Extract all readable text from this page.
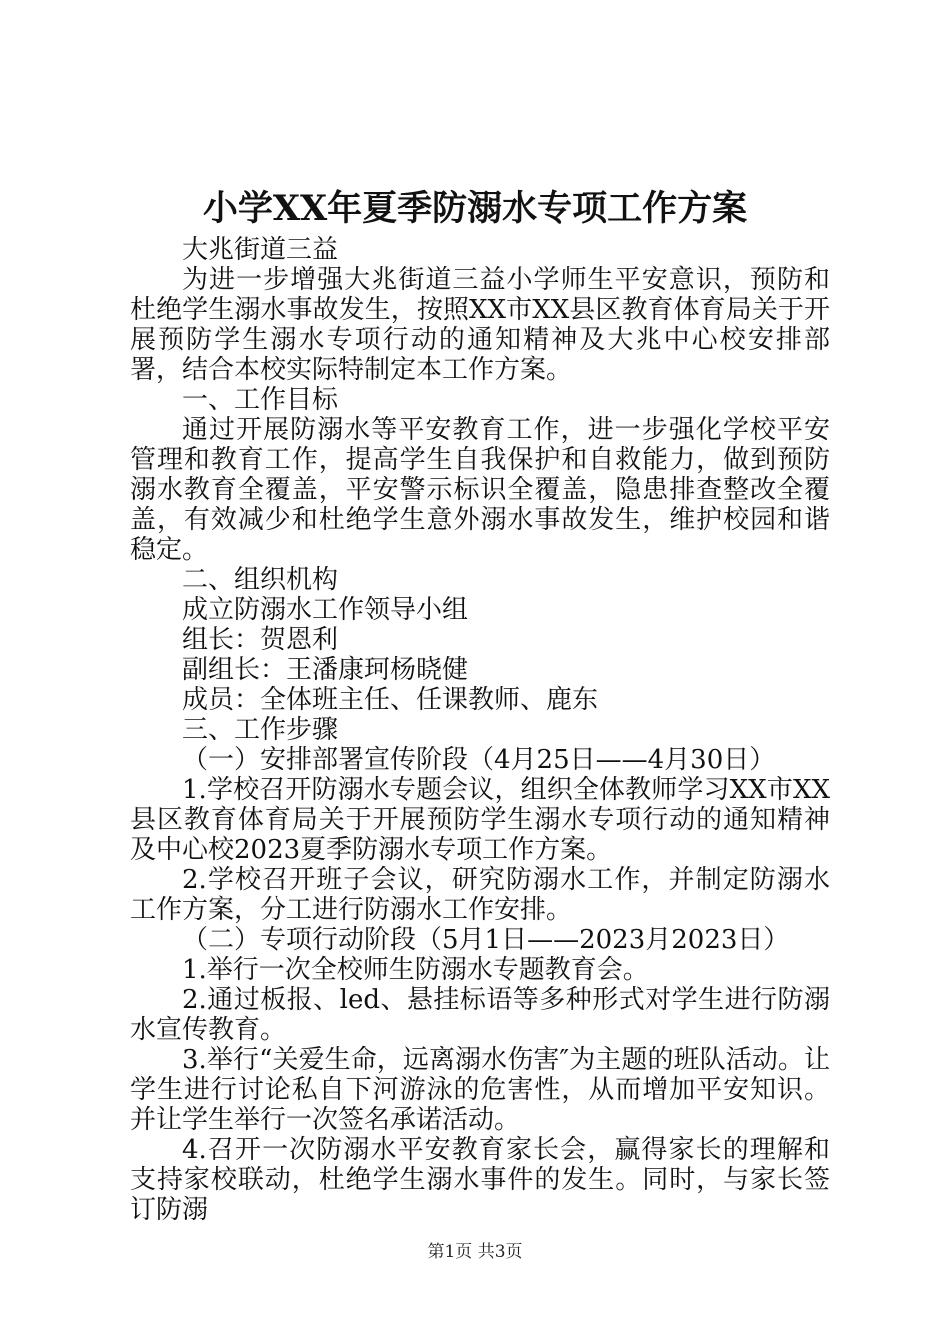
小学XX年夏季防溺水专项工作方案

大兆街道三益

为进一步增强大兆街道三益小学师生平安意识，预防和杜绝学生溺水事故发生，按照XX市XX县区教育体育局关于开展预防学生溺水专项行动的通知精神及大兆中心校安排部署，结合本校实际特制定本工作方案。

一、工作目标

通过开展防溺水等平安教育工作，进一步强化学校平安管理和教育工作，提高学生自我保护和自救能力，做到预防溺水教育全覆盖，平安警示标识全覆盖，隐患排查整改全覆盖，有效减少和杜绝学生意外溺水事故发生，维护校园和谐稳定。

二、组织机构

成立防溺水工作领导小组

组长：贺恩利

副组长：王潘康珂杨晓健

成员：全体班主任、任课教师、鹿东

三、工作步骤

（一）安排部署宣传阶段（4月25日——4月30日）

1.学校召开防溺水专题会议，组织全体教师学习XX市XX县区教育体育局关于开展预防学生溺水专项行动的通知精神及中心校2023夏季防溺水专项工作方案。

2.学校召开班子会议，研究防溺水工作，并制定防溺水工作方案，分工进行防溺水工作安排。

（二）专项行动阶段（5月1日——2023月2023日）

1.举行一次全校师生防溺水专题教育会。

2.通过板报、led、悬挂标语等多种形式对学生进行防溺水宣传教育。

3.举行“关爱生命，远离溺水伤害″为主题的班队活动。让学生进行讨论私自下河游泳的危害性，从而增加平安知识。并让学生举行一次签名承诺活动。

4.召开一次防溺水平安教育家长会，赢得家长的理解和支持家校联动，杜绝学生溺水事件的发生。同时，与家长签订防溺

第1页 共3页
